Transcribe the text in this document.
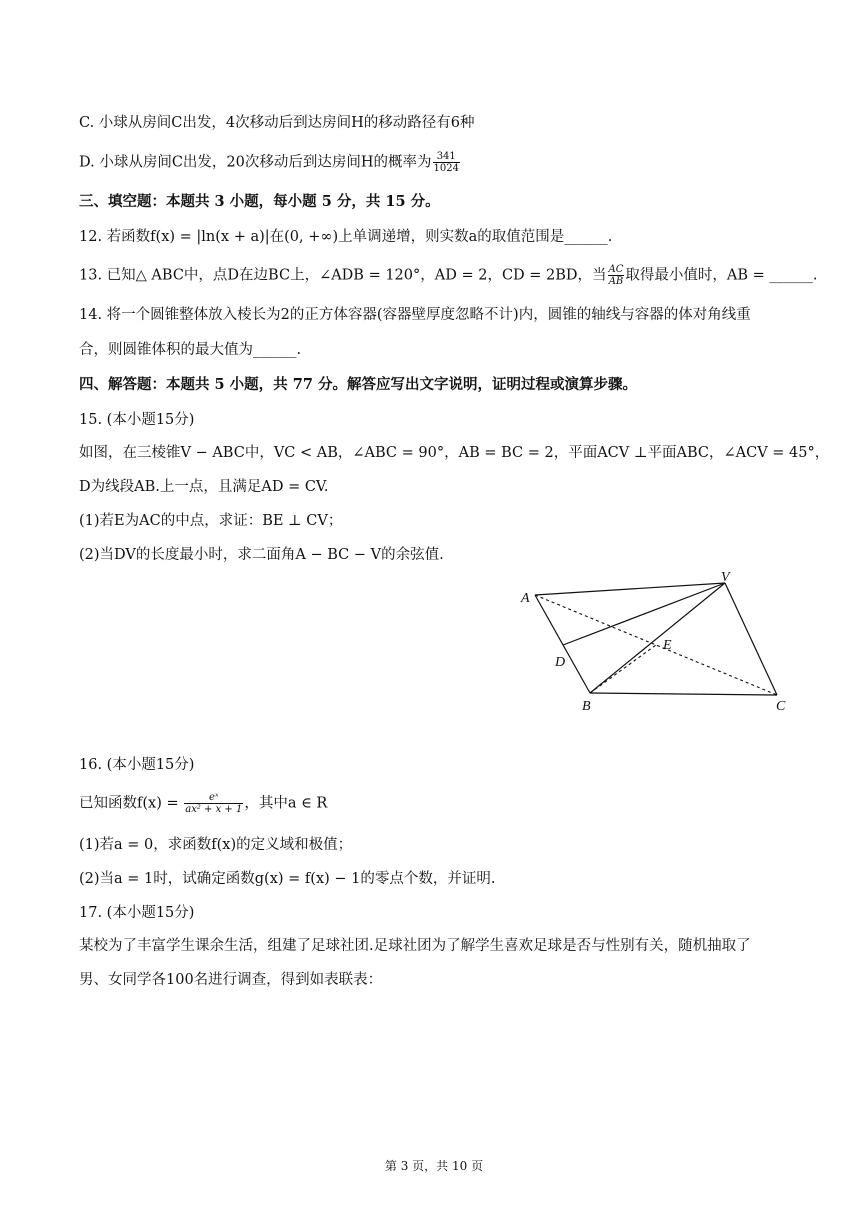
C. 小球从房间C出发，4次移动后到达房间H的移动路径有6种
D. 小球从房间C出发，20次移动后到达房间H的概率为 $\frac{341}{1024}$
三、填空题：本题共 3 小题，每小题 5 分，共 15 分。
12. 若函数f(x) = |ln(x + a)|在(0, +∞)上单调递增，则实数a的取值范围是______.
13. 已知△ ABC中，点D在边BC上，∠ADB = 120°，AD = 2，CD = 2BD，当 $\frac{AC}{AB}$ 取得最小值时，AB = ______.
14. 将一个圆锥整体放入棱长为2的正方体容器(容器壁厚度忽略不计)内，圆锥的轴线与容器的体对角线重
合，则圆锥体积的最大值为______.
四、解答题：本题共 5 小题，共 77 分。解答应写出文字说明，证明过程或演算步骤。
15. (本小题15分)
如图，在三棱锥V − ABC中，VC < AB，∠ABC = 90°，AB = BC = 2，平面ACV ⊥平面ABC，∠ACV = 45°，
D为线段AB.上一点，且满足AD = CV.
(1)若E为AC的中点，求证：BE ⊥ CV；
(2)当DV的长度最小时，求二面角A − BC − V的余弦值.
A
V
E
D
B	C
16. (本小题15分)
已知函数$f(x) = \frac{\text{eˣ}}{\text{ax² + x + 1}}$ ，其中a ∈ R
(1)若a = 0，求函数f(x)的定义域和极值；
(2)当a = 1时，试确定函数g(x) = f(x) − 1的零点个数，并证明.
17. (本小题15分)
某校为了丰富学生课余生活，组建了足球社团.足球社团为了解学生喜欢足球是否与性别有关，随机抽取了
男、女同学各100名进行调查，得到如表联表：
第 3 页，共 10 页
